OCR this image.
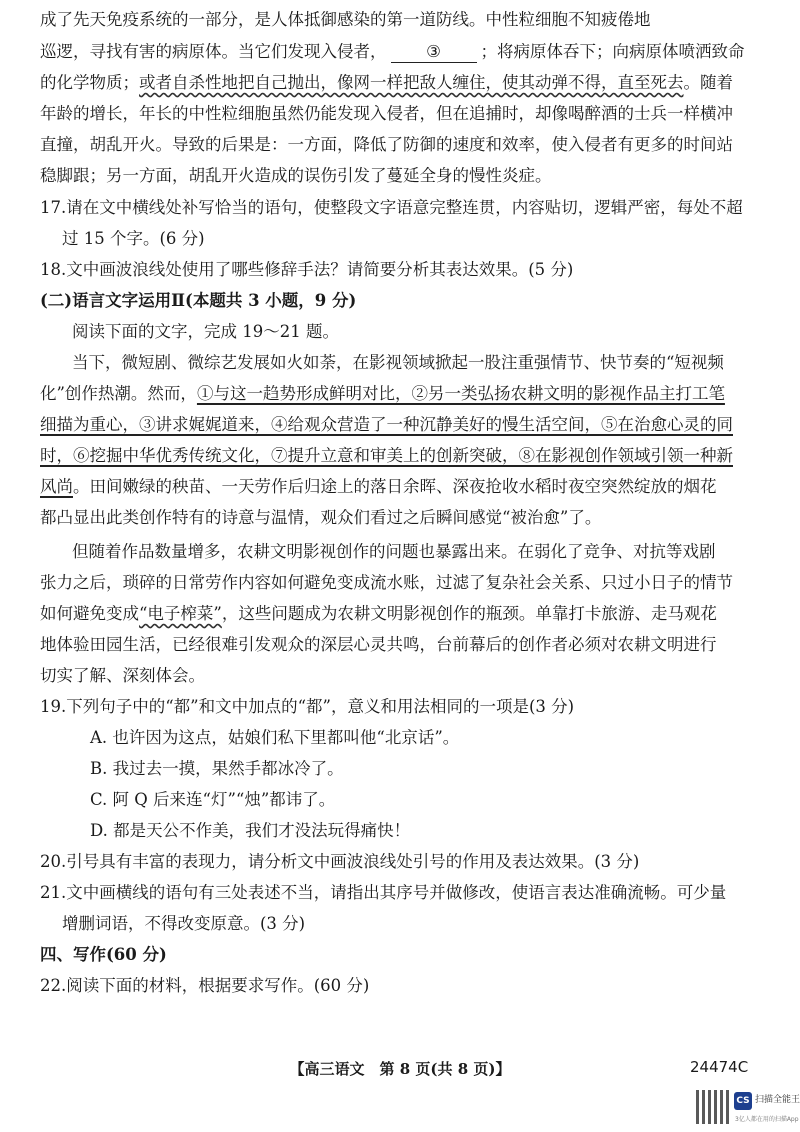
成了先天免疫系统的一部分，是人体抵御感染的第一道防线。中性粒细胞不知疲倦地
巡逻，寻找有害的病原体。当它们发现入侵者， ③ ；将病原体吞下；向病原体喷洒致命
的化学物质；或者自杀性地把自己抛出，像网一样把敌人缠住，使其动弹不得，直至死去。随着
年龄的增长，年长的中性粒细胞虽然仍能发现入侵者，但在追捕时，却像喝醉酒的士兵一样横冲
直撞，胡乱开火。导致的后果是：一方面，降低了防御的速度和效率，使入侵者有更多的时间站
稳脚跟；另一方面，胡乱开火造成的误伤引发了蔓延全身的慢性炎症。
17.请在文中横线处补写恰当的语句，使整段文字语意完整连贯，内容贴切，逻辑严密，每处不超
过 15 个字。(6 分)
18.文中画波浪线处使用了哪些修辞手法？请简要分析其表达效果。(5 分)
(二)语言文字运用Ⅱ(本题共 3 小题，9 分)
阅读下面的文字，完成 19～21 题。
当下，微短剧、微综艺发展如火如荼，在影视领域掀起一股注重强情节、快节奏的“短视频
化”创作热潮。然而，①与这一趋势形成鲜明对比，②另一类弘扬农耕文明的影视作品主打工笔
细描为重心，③讲求娓娓道来，④给观众营造了一种沉静美好的慢生活空间，⑤在治愈心灵的同
时，⑥挖掘中华优秀传统文化，⑦提升立意和审美上的创新突破，⑧在影视创作领域引领一种新
风尚。田间嫩绿的秧苗、一天劳作后归途上的落日余晖、深夜抢收水稻时夜空突然绽放的烟花
都凸显出此类创作特有的诗意与温情，观众们看过之后瞬间感觉“被治愈”了。
但随着作品数量增多，农耕文明影视创作的问题也暴露出来。在弱化了竞争、对抗等戏剧
张力之后，琐碎的日常劳作内容如何避免变成流水账，过滤了复杂社会关系、只过小日子的情节
如何避免变成“电子榨菜”，这些问题成为农耕文明影视创作的瓶颈。单靠打卡旅游、走马观花
地体验田园生活，已经很难引发观众的深层心灵共鸣，台前幕后的创作者必须对农耕文明进行
切实了解、深刻体会。
19.下列句子中的“都”和文中加点的“都”，意义和用法相同的一项是(3 分)
A. 也许因为这点，姑娘们私下里都叫他“北京话”。
B. 我过去一摸，果然手都冰冷了。
C. 阿 Q 后来连“灯”“烛”都讳了。
D. 都是天公不作美，我们才没法玩得痛快！
20.引号具有丰富的表现力，请分析文中画波浪线处引号的作用及表达效果。(3 分)
21.文中画横线的语句有三处表述不当，请指出其序号并做修改，使语言表达准确流畅。可少量
增删词语，不得改变原意。(3 分)
四、写作(60 分)
22.阅读下面的材料，根据要求写作。(60 分)
【高三语文　第 8 页(共 8 页)】	24474C
CS 扫描全能王
3亿人都在用的扫描App
